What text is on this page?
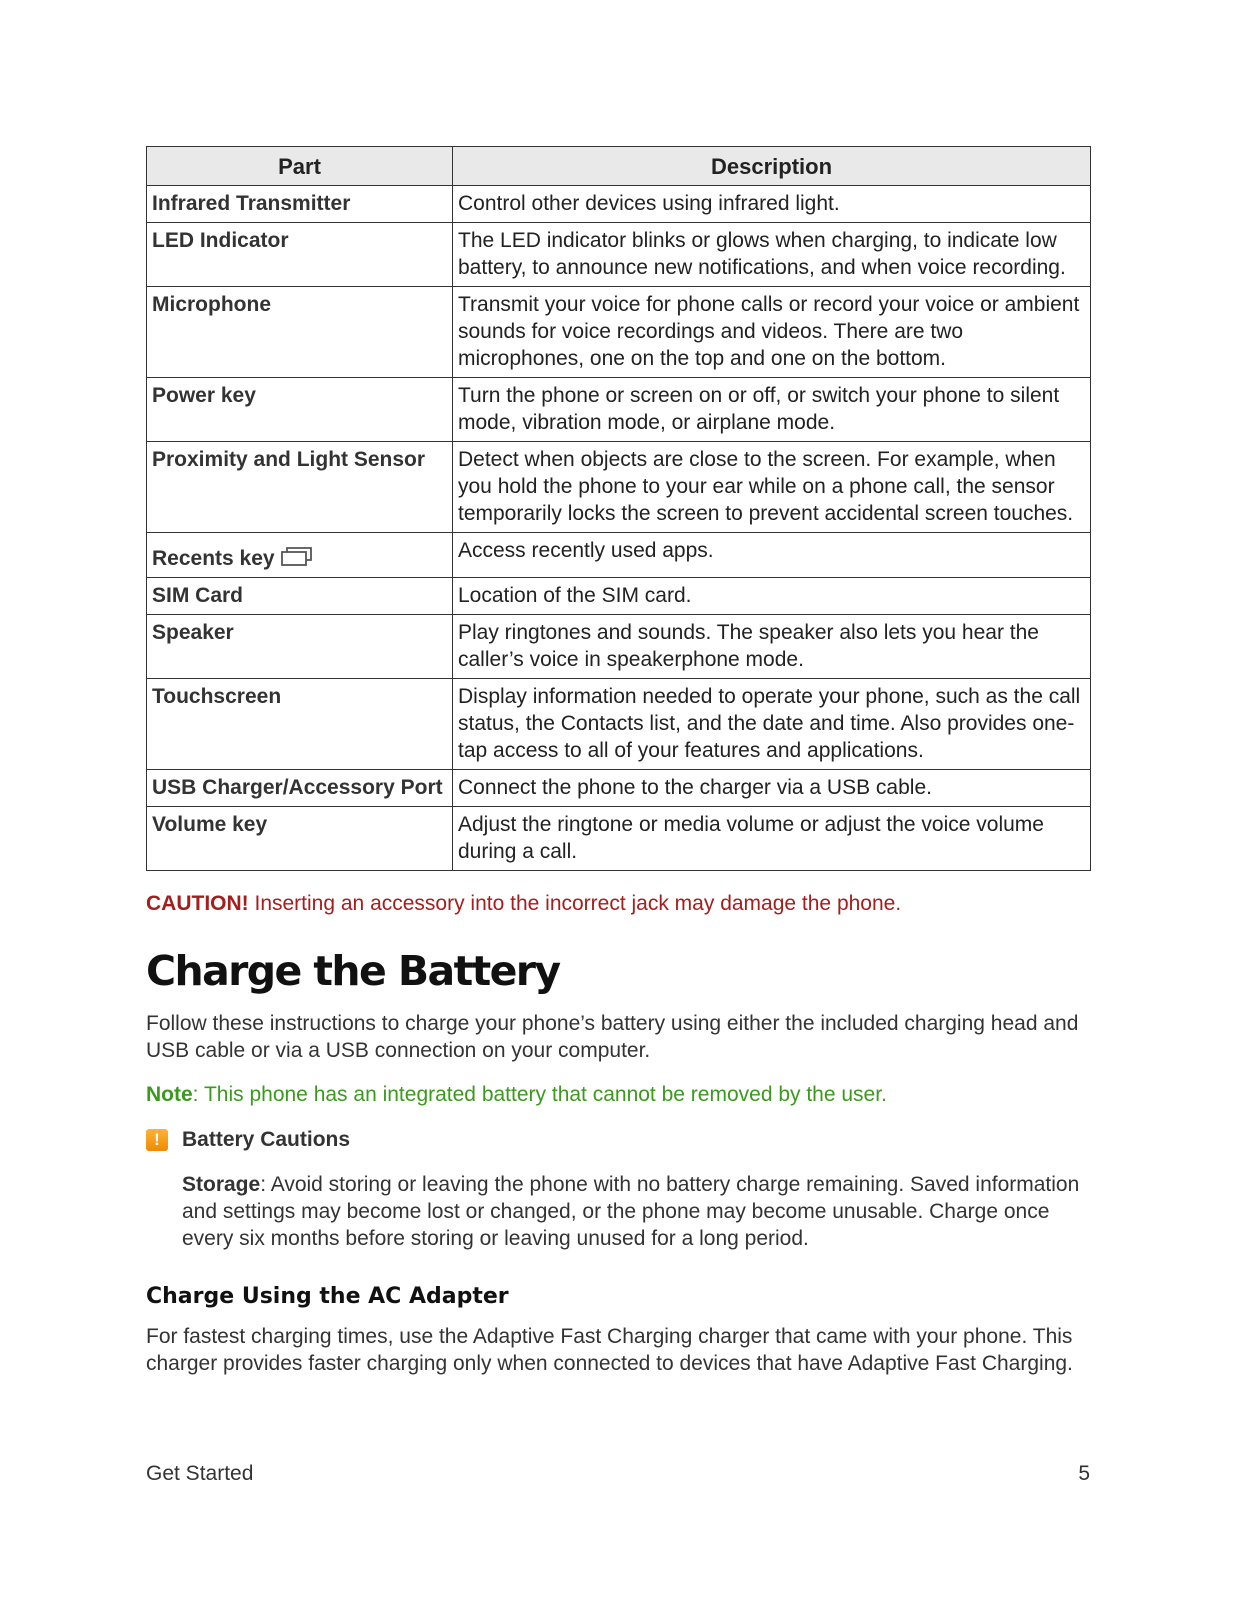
Part	Description
Infrared Transmitter	Control other devices using infrared light.
LED Indicator	The LED indicator blinks or glows when charging, to indicate low battery, to announce new notifications, and when voice recording.
Microphone	Transmit your voice for phone calls or record your voice or ambient sounds for voice recordings and videos. There are two microphones, one on the top and one on the bottom.
Power key	Turn the phone or screen on or off, or switch your phone to silent mode, vibration mode, or airplane mode.
Proximity and Light Sensor	Detect when objects are close to the screen. For example, when you hold the phone to your ear while on a phone call, the sensor temporarily locks the screen to prevent accidental screen touches.
Recents key	Access recently used apps.
SIM Card	Location of the SIM card.
Speaker	Play ringtones and sounds. The speaker also lets you hear the caller’s voice in speakerphone mode.
Touchscreen	Display information needed to operate your phone, such as the call status, the Contacts list, and the date and time. Also provides one-tap access to all of your features and applications.
USB Charger/Accessory Port	Connect the phone to the charger via a USB cable.
Volume key	Adjust the ringtone or media volume or adjust the voice volume during a call.
CAUTION! Inserting an accessory into the incorrect jack may damage the phone.
Charge the Battery

Follow these instructions to charge your phone’s battery using either the included charging head and USB cable or via a USB connection on your computer.

Note: This phone has an integrated battery that cannot be removed by the user.
!	Battery Cautions
Storage: Avoid storing or leaving the phone with no battery charge remaining. Saved information and settings may become lost or changed, or the phone may become unusable. Charge once every six months before storing or leaving unused for a long period.
Charge Using the AC Adapter

For fastest charging times, use the Adaptive Fast Charging charger that came with your phone. This charger provides faster charging only when connected to devices that have Adaptive Fast Charging.

Get Started	5
